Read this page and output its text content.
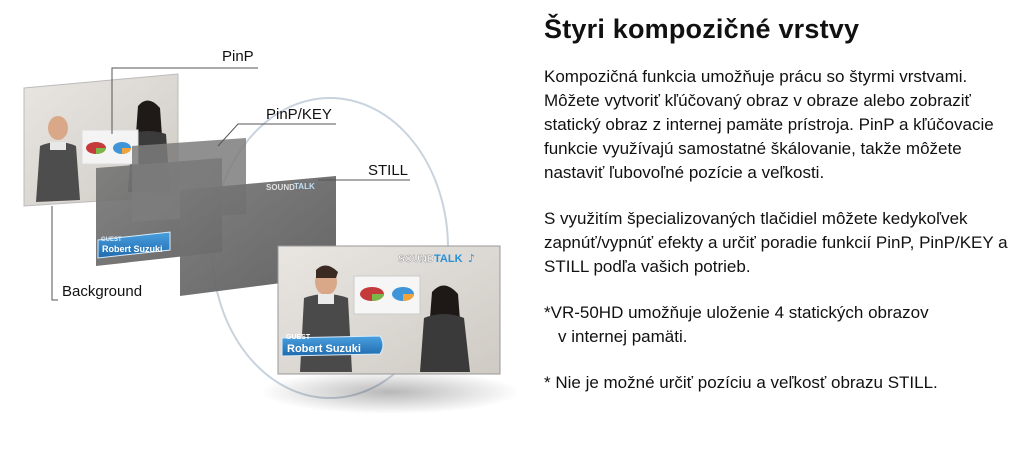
GUEST
Robert Suzuki
SOUND TALK
SOUND TALK ♪
GUEST
Robert Suzuki
PinP
PinP/KEY
STILL
Background
Štyri kompozičné vrstvy

Kompozičná funkcia umožňuje prácu so štyrmi vrstvami. Môžete vytvoriť kľúčovaný obraz v obraze alebo zobraziť statický obraz z internej pamäte prístroja. PinP a kľúčovacie funkcie využívajú samostatné škálovanie, takže môžete nastaviť ľubovoľné pozície a veľkosti.

S využitím špecializovaných tlačidiel môžete kedykoľvek zapnúť/vypnúť efekty a určiť poradie funkcií PinP, PinP/KEY a STILL podľa vašich potrieb.

*VR-50HD umožňuje uloženie 4 statických obrazov

v internej pamäti.

* Nie je možné určiť pozíciu a veľkosť obrazu STILL.
